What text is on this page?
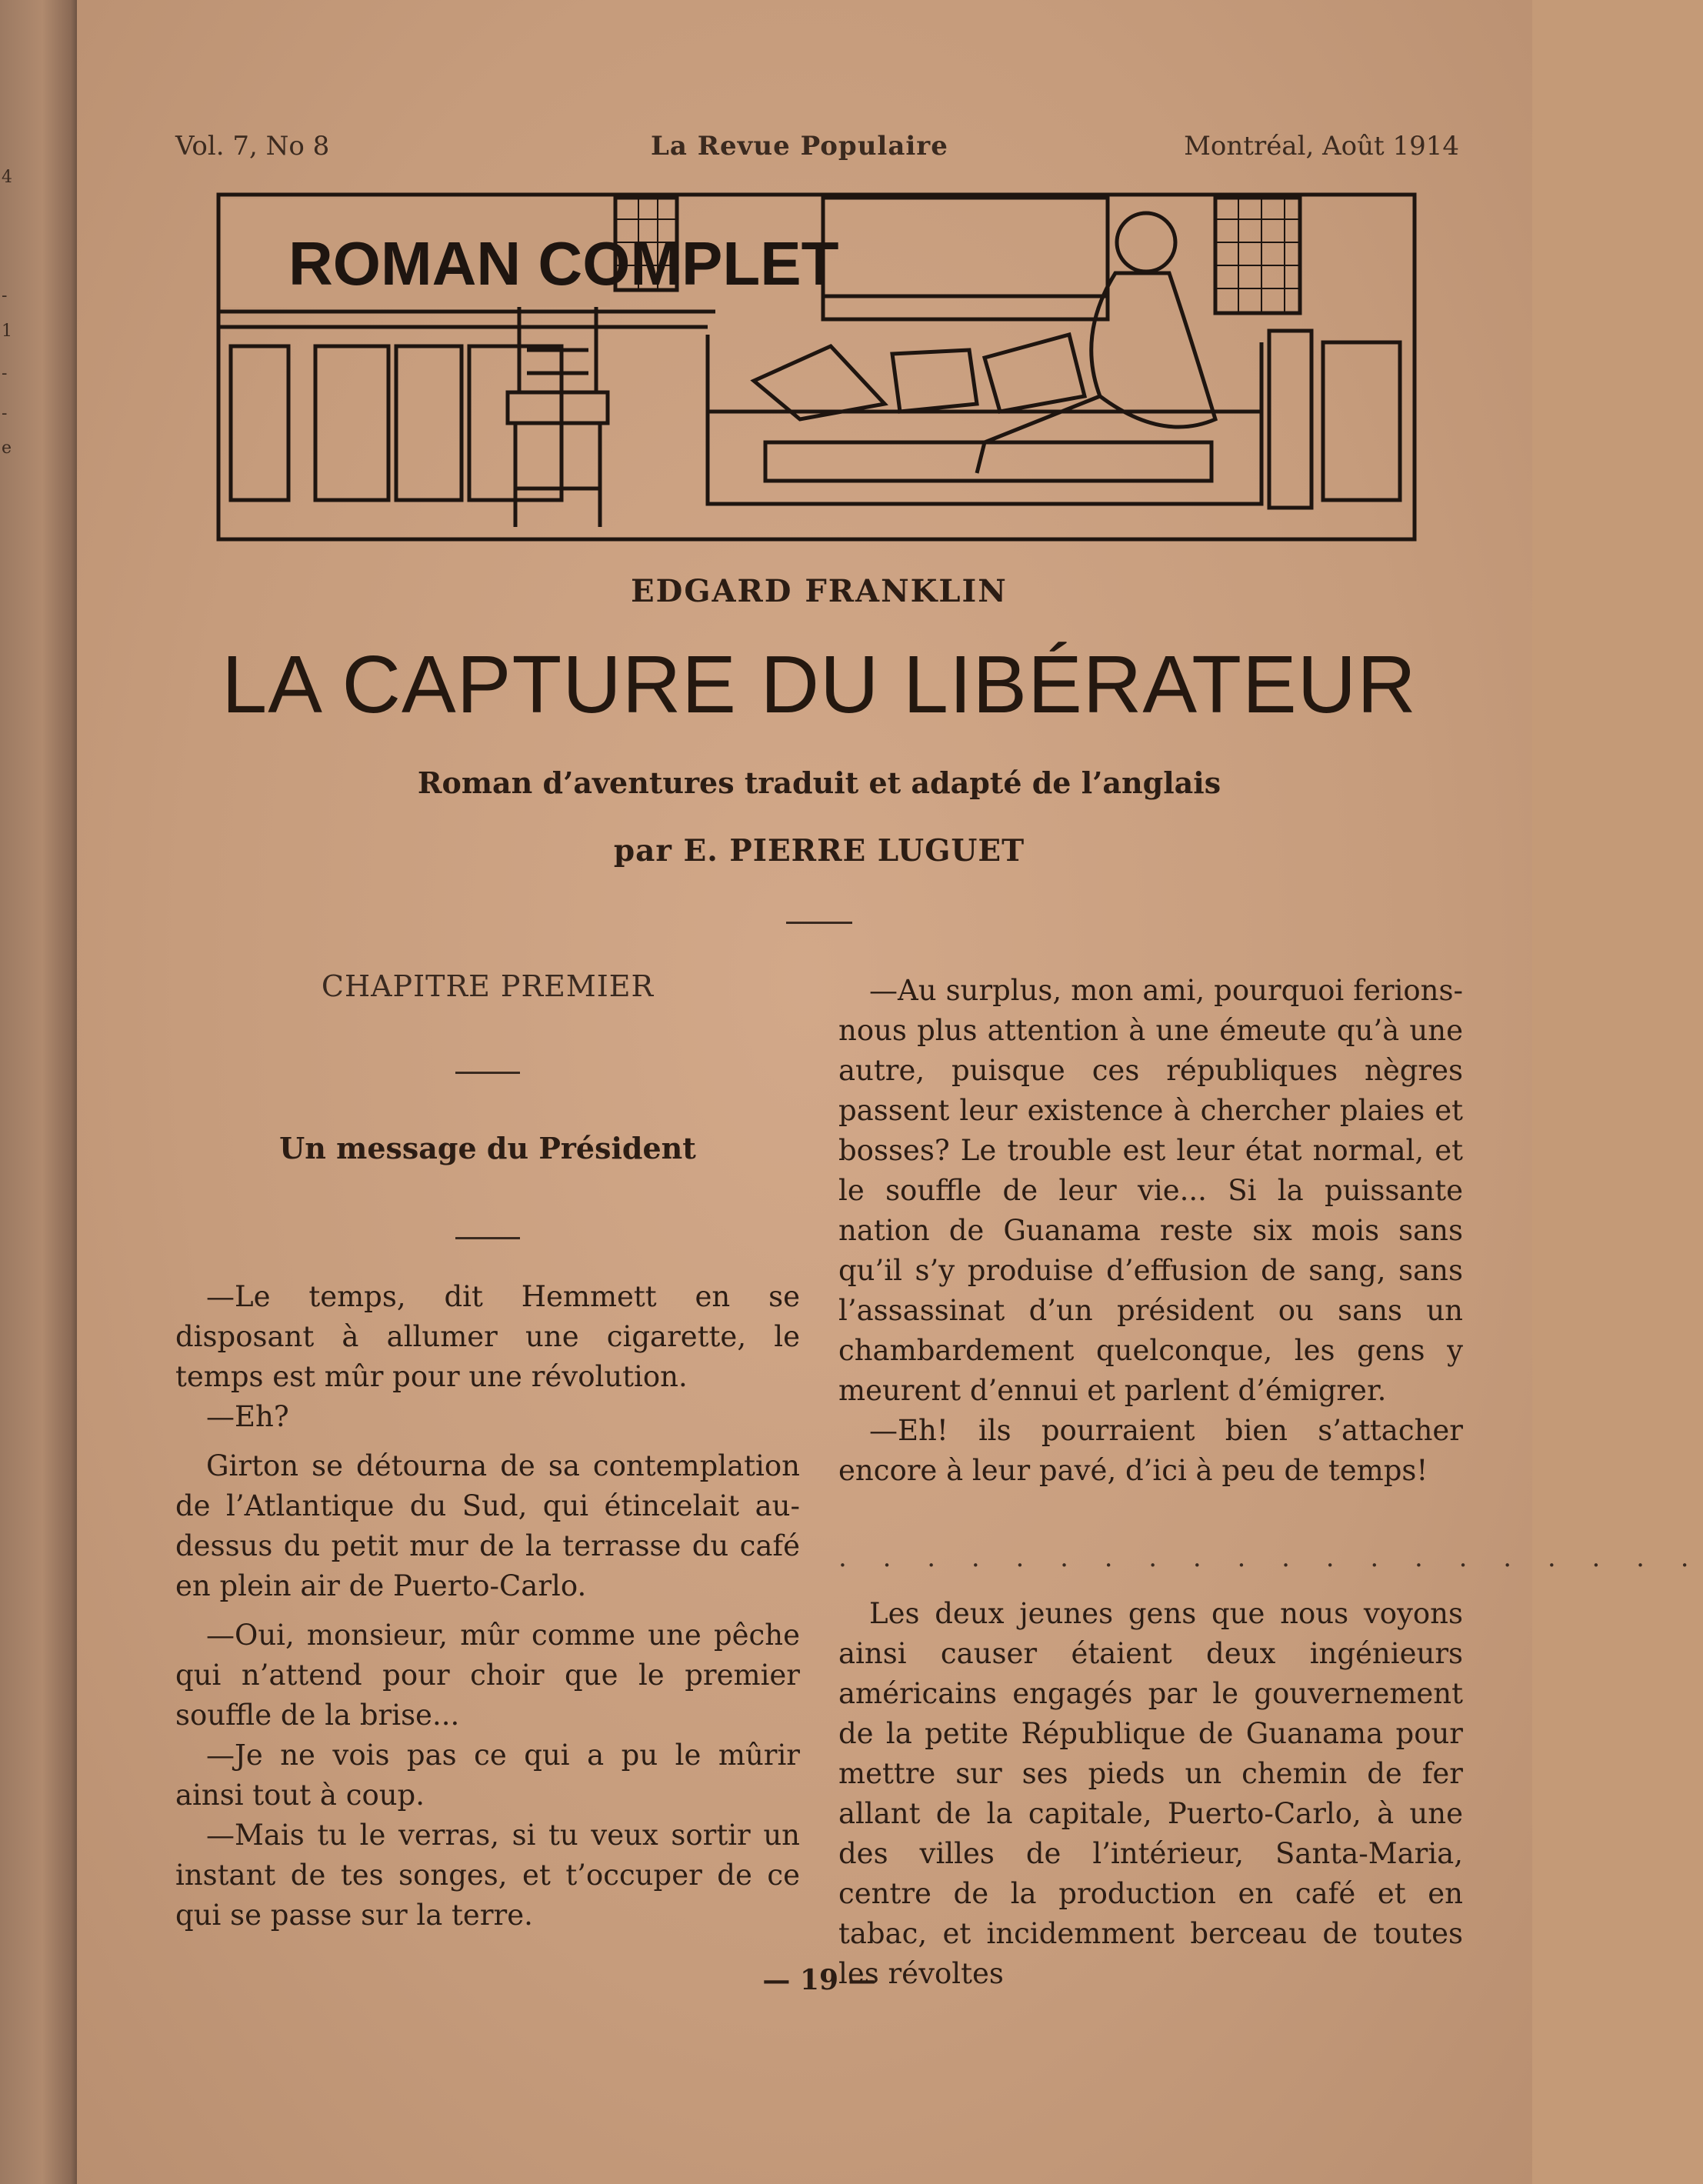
4
-
1
-
-
e
Vol. 7, No 8	La Revue Populaire	Montréal, Août 1914
ROMAN COMPLET
EDGARD FRANKLIN
LA CAPTURE DU LIBÉRATEUR
Roman d’aventures traduit et adapté de l’anglais
par E. PIERRE LUGUET
CHAPITRE PREMIER
Un message du Président

—Le temps, dit Hemmett en se disposant à allumer une cigarette, le temps est mûr pour une révolution.

—Eh?

Girton se détourna de sa contemplation de l’Atlantique du Sud, qui étincelait au-dessus du petit mur de la terrasse du café en plein air de Puerto-Carlo.

—Oui, monsieur, mûr comme une pêche qui n’attend pour choir que le premier souffle de la brise...

—Je ne vois pas ce qui a pu le mûrir ainsi tout à coup.

—Mais tu le verras, si tu veux sortir un instant de tes songes, et t’occuper de ce qui se passe sur la terre.

—Au surplus, mon ami, pourquoi ferions-nous plus attention à une émeute qu’à une autre, puisque ces républiques nègres passent leur existence à chercher plaies et bosses? Le trouble est leur état normal, et le souffle de leur vie... Si la puissante nation de Guanama reste six mois sans qu’il s’y produise d’effusion de sang, sans l’assassinat d’un président ou sans un chambardement quelconque, les gens y meurent d’ennui et parlent d’émigrer.

—Eh! ils pourraient bien s’attacher encore à leur pavé, d’ici à peu de temps!

. . . . . . . . . . . . . . . . . . . .

Les deux jeunes gens que nous voyons ainsi causer étaient deux ingénieurs américains engagés par le gouvernement de la petite République de Guanama pour mettre sur ses pieds un chemin de fer allant de la capitale, Puerto-Carlo, à une des villes de l’intérieur, Santa-Maria, centre de la production en café et en tabac, et incidemment berceau de toutes les révoltes

— 19 —
